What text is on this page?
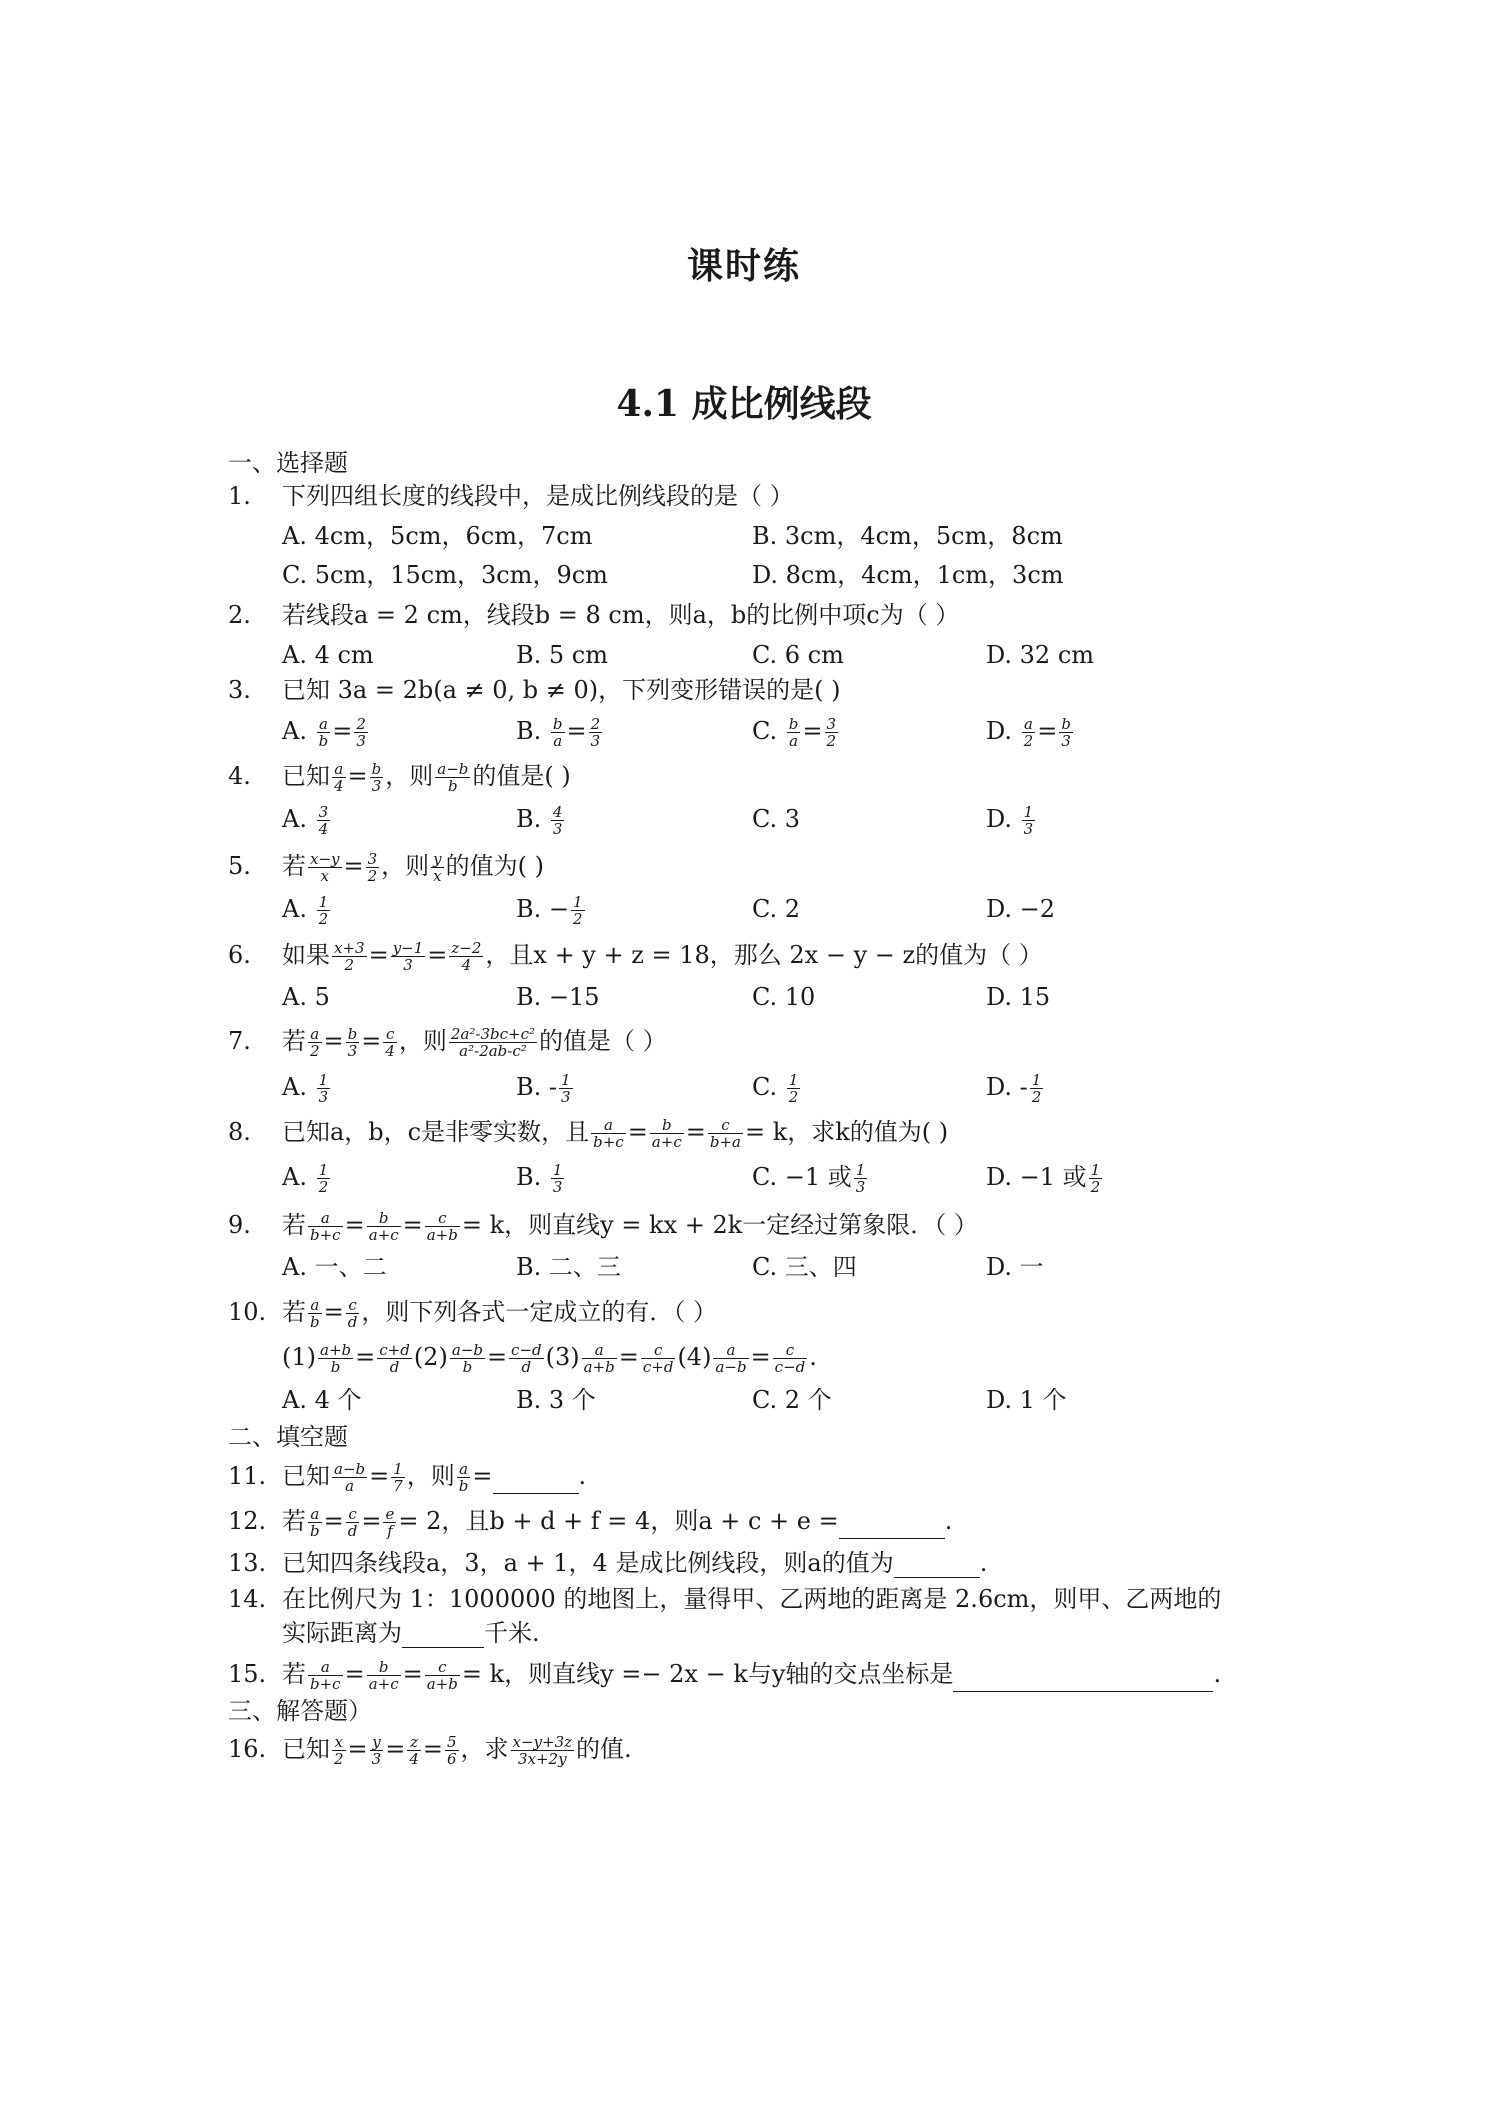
课时练
4.1 成比例线段
一、选择题
1. 下列四组长度的线段中，是成比例线段的是（ ）
A. 4cm，5cm，6cm，7cm	B. 3cm，4cm，5cm，8cm
C. 5cm，15cm，3cm，9cm	D. 8cm，4cm，1cm，3cm
2. 若线段a = 2 cm，线段b = 8 cm，则a，b的比例中项c为（ ）
A. 4 cm	B. 5 cm	C. 6 cm	D. 32 cm
3. 已知 3a = 2b(a ≠ 0, b ≠ 0)，下列变形错误的是( )
A. $\frac{a}{b} = \frac{2}{3}$	B. $\frac{b}{a} = \frac{2}{3}$	C. $\frac{b}{a} = \frac{3}{2}$	D. $\frac{a}{2} = \frac{b}{3}$
4. 已知 $\frac{a}{4} = \frac{b}{3}$ ，则 $\frac{a-b}{b}$ 的值是( )
A. $\frac{3}{4}$	B. $\frac{4}{3}$	C. 3	D. $\frac{1}{3}$
5. 若 $\frac{x-y}{x} = \frac{3}{2}$ ，则 $\frac{y}{x}$ 的值为( )
A. $\frac{1}{2}$	B. − $\frac{1}{2}$	C. 2	D. −2
6. 如果 $\frac{x+3}{2} = \frac{y-1}{3} = \frac{z-2}{4}$ ，且x + y + z = 18，那么 2x − y − z的值为（ ）
A. 5	B. −15	C. 10	D. 15
7. 若 $\frac{a}{2} = \frac{b}{3} = \frac{c}{4}$ ，则 $\frac{\text{2a²-3bc+c²}}{\text{a²-2ab-c²}}$ 的值是（ ）
A. $\frac{1}{3}$	B. - $\frac{1}{3}$	C. $\frac{1}{2}$	D. - $\frac{1}{2}$
8. 已知a，b，c是非零实数，且 $\frac{a}{b+c} = \frac{b}{a+c} = \frac{c}{b+a} = k$，求k的值为( )
A. $\frac{1}{2}$	B. $\frac{1}{3}$	C. −1 或 $\frac{1}{3}$	D. −1 或 $\frac{1}{2}$
9. 若 $\frac{a}{b+c} = \frac{b}{a+c} = \frac{c}{a+b} = k$，则直线y = kx + 2k一定经过第象限．（ ）
A. 一、二	B. 二、三	C. 三、四	D. 一
10. 若 $\frac{a}{b} = \frac{c}{d}$ ，则下列各式一定成立的有．（ ）
$(1) \frac{a+b}{b} = \frac{c+d}{d} (2) \frac{a-b}{b} = \frac{c-d}{d} (3) \frac{a}{a+b} = \frac{c}{c+d} (4) \frac{a}{a-b} = \frac{c}{c-d}$ .
A. 4 个	B. 3 个	C. 2 个	D. 1 个
二、填空题
11. 已知 $\frac{a-b}{a} = \frac{1}{7}$ ，则 $\frac{a}{b}$ =	.
12. 若 $\frac{a}{b} = \frac{c}{d} = \frac{e}{f} = 2$，且b + d + f = 4，则a + c + e =	.
13. 已知四条线段a，3，a + 1，4 是成比例线段，则a的值为	.
14. 在比例尺为 1：1000000 的地图上，量得甲、乙两地的距离是 2.6cm，则甲、乙两地的
实际距离为	千米.
15. 若 $\frac{a}{b+c} = \frac{b}{a+c} = \frac{c}{a+b} = k$，则直线y =− 2x − k与y轴的交点坐标是	.
三、解答题）
16. 已知 $\frac{x}{2} = \frac{y}{3} = \frac{z}{4} = \frac{5}{6}$ ，求 $\frac{x-y+3z}{3x+2y}$ 的值.
